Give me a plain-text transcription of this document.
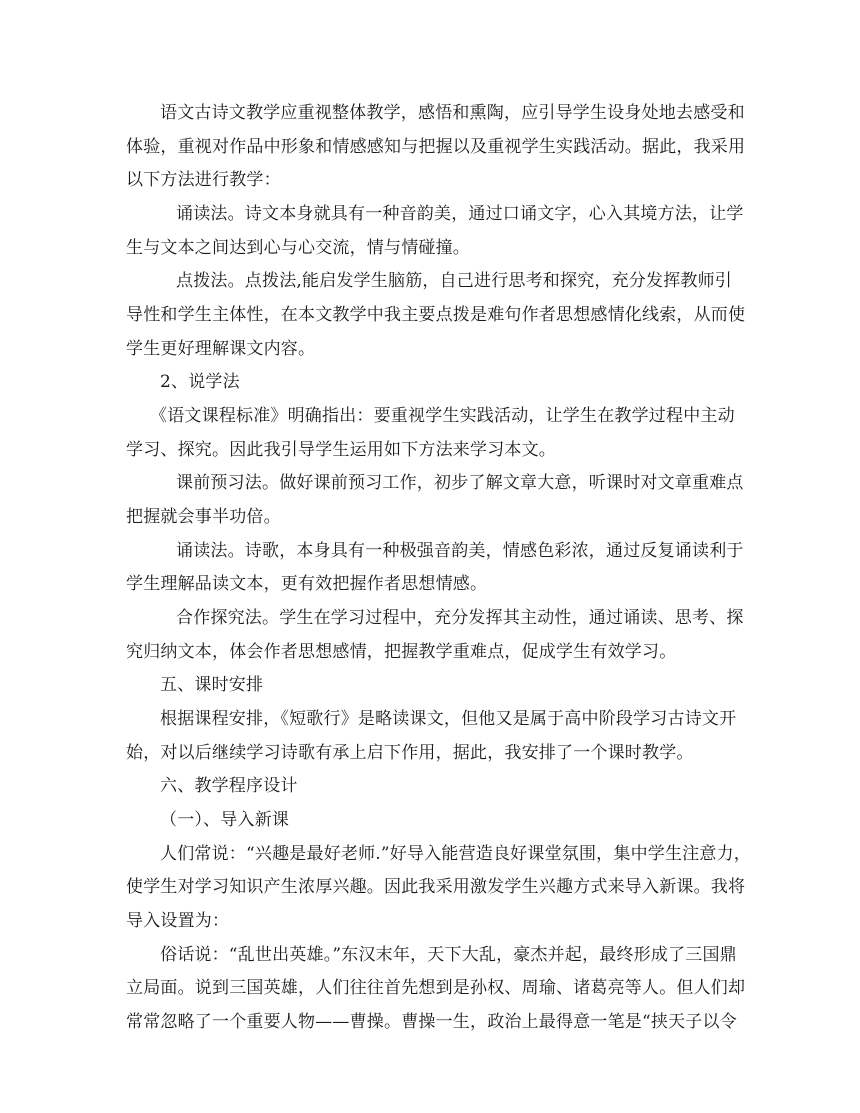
语文古诗文教学应重视整体教学，感悟和熏陶，应引导学生设身处地去感受和
体验，重视对作品中形象和情感感知与把握以及重视学生实践活动。据此，我采用
以下方法进行教学：
诵读法。诗文本身就具有一种音韵美，通过口诵文字，心入其境方法，让学
生与文本之间达到心与心交流，情与情碰撞。
点拨法。点拨法,能启发学生脑筋，自己进行思考和探究，充分发挥教师引
导性和学生主体性，在本文教学中我主要点拨是难句作者思想感情化线索，从而使
学生更好理解课文内容。
2、说学法
《语文课程标准》明确指出：要重视学生实践活动，让学生在教学过程中主动
学习、探究。因此我引导学生运用如下方法来学习本文。
课前预习法。做好课前预习工作，初步了解文章大意，听课时对文章重难点
把握就会事半功倍。
诵读法。诗歌，本身具有一种极强音韵美，情感色彩浓，通过反复诵读利于
学生理解品读文本，更有效把握作者思想情感。
合作探究法。学生在学习过程中，充分发挥其主动性，通过诵读、思考、探
究归纳文本，体会作者思想感情，把握教学重难点，促成学生有效学习。
五、课时安排
根据课程安排，《短歌行》是略读课文，但他又是属于高中阶段学习古诗文开
始，对以后继续学习诗歌有承上启下作用，据此，我安排了一个课时教学。
六、教学程序设计
（一）、导入新课
人们常说：“兴趣是最好老师.”好导入能营造良好课堂氛围，集中学生注意力，
使学生对学习知识产生浓厚兴趣。因此我采用激发学生兴趣方式来导入新课。我将
导入设置为：
俗话说：“乱世出英雄。”东汉末年，天下大乱，豪杰并起，最终形成了三国鼎
立局面。说到三国英雄，人们往往首先想到是孙权、周瑜、诸葛亮等人。但人们却
常常忽略了一个重要人物——曹操。曹操一生，政治上最得意一笔是“挟天子以令
